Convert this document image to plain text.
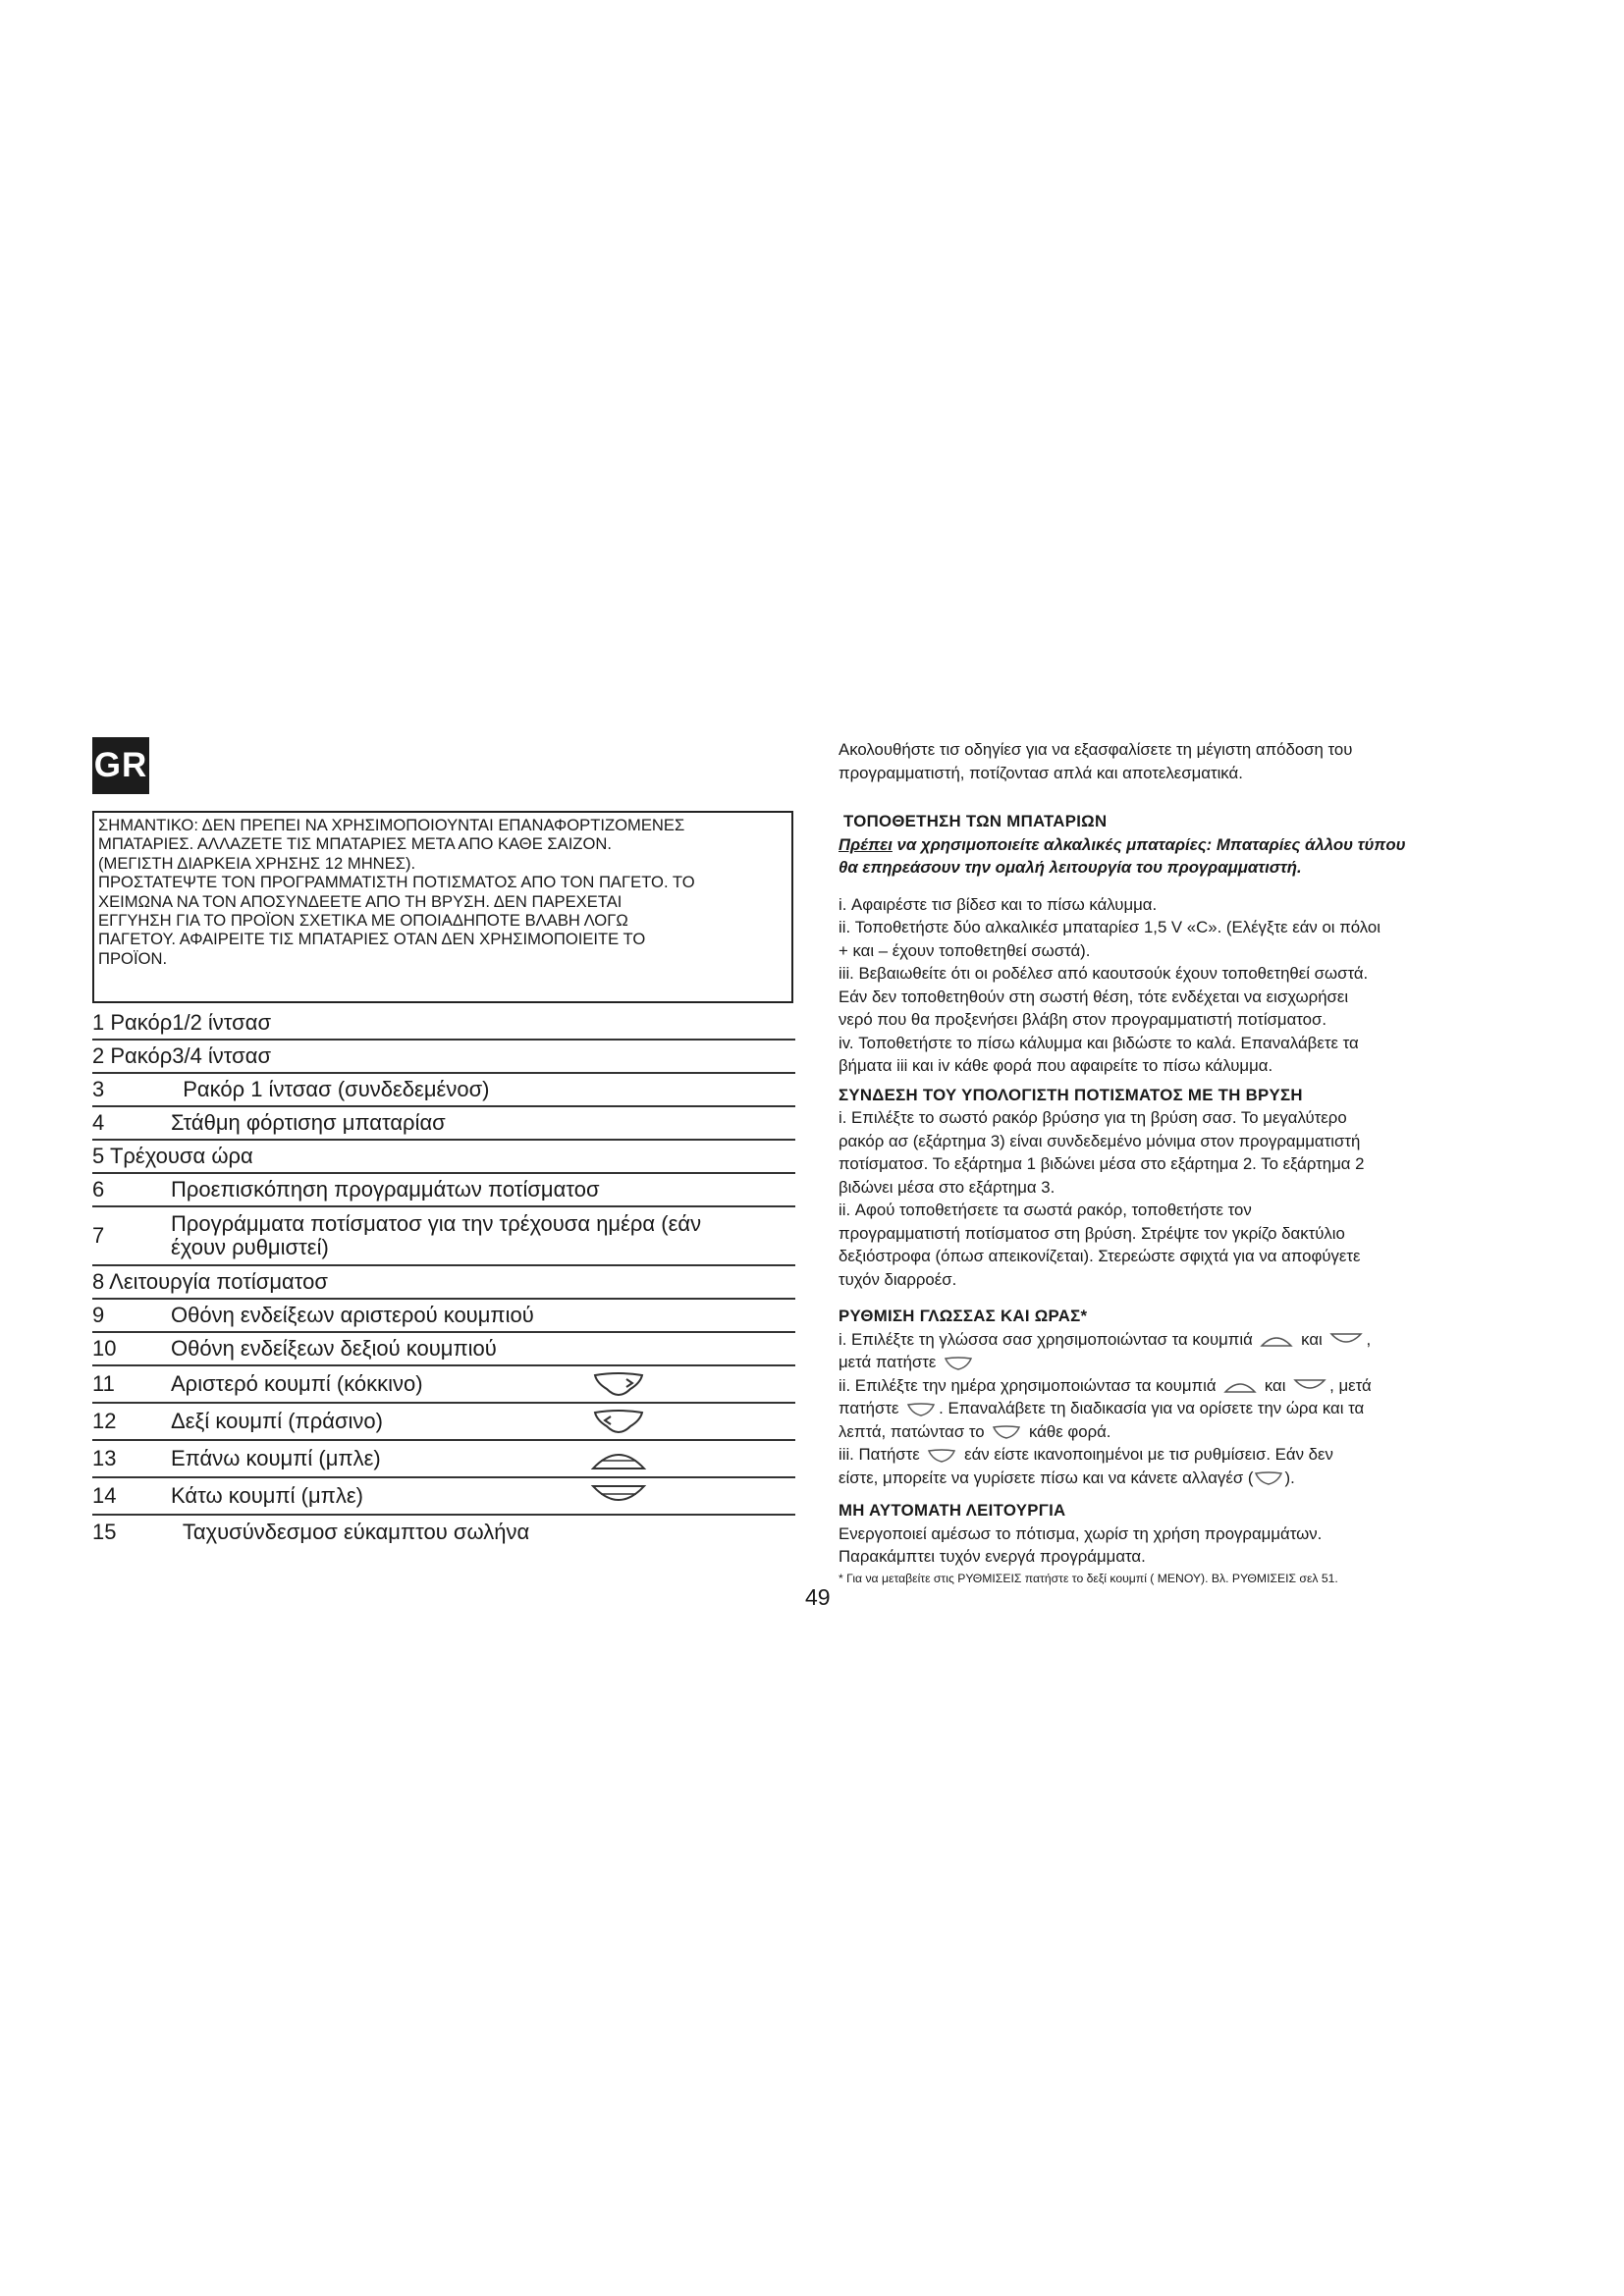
GR

ΣΗΜΑΝΤΙΚΟ: ΔΕΝ ΠΡΕΠΕΙ ΝΑ ΧΡΗΣΙΜΟΠΟΙΟΥΝΤΑΙ ΕΠΑΝΑΦΟΡΤΙΖΟΜΕΝΕΣ

ΜΠΑΤΑΡΙΕΣ. ΑΛΛΑΖΕΤΕ ΤΙΣ ΜΠΑΤΑΡΙΕΣ ΜΕΤΑ ΑΠΟ ΚΑΘΕ ΣΑΙΖΟΝ.

(ΜΕΓΙΣΤΗ ΔΙΑΡΚΕΙΑ ΧΡΗΣΗΣ 12 ΜΗΝΕΣ).

ΠΡΟΣΤΑΤΕΨΤΕ ΤΟΝ ΠΡΟΓΡΑΜΜΑΤΙΣΤΗ ΠΟΤΙΣΜΑΤΟΣ ΑΠΟ ΤΟΝ ΠΑΓΕΤΟ. ΤΟ

ΧΕΙΜΩΝΑ ΝΑ ΤΟΝ ΑΠΟΣΥΝΔΕΕΤΕ ΑΠΟ ΤΗ ΒΡΥΣΗ. ΔΕΝ ΠΑΡΕΧΕΤΑΙ

ΕΓΓΥΗΣΗ ΓΙΑ ΤΟ ΠΡΟΪΟΝ ΣΧΕΤΙΚΑ ΜΕ ΟΠΟΙΑΔΗΠΟΤΕ ΒΛΑΒΗ ΛΟΓΩ

ΠΑΓΕΤΟΥ. ΑΦΑΙΡΕΙΤΕ ΤΙΣ ΜΠΑΤΑΡΙΕΣ ΟΤΑΝ ΔΕΝ ΧΡΗΣΙΜΟΠΟΙΕΙΤΕ ΤΟ

ΠΡΟΪΟΝ.

1 Ρακόρ1/2 ίντσασ
2 Ρακόρ3/4 ίντσασ
3	Ρακόρ 1 ίντσασ (συνδεδεμένοσ)
4	Στάθμη φόρτισησ μπαταρίασ
5 Τρέχουσα ώρα
6	Προεπισκόπηση προγραμμάτων ποτίσματοσ
7	Προγράμματα ποτίσματοσ για την τρέχουσα ημέρα (εάν
έχουν ρυθμιστεί)
8 Λειτουργία ποτίσματοσ
9	Οθόνη ενδείξεων αριστερού κουμπιού
10	Οθόνη ενδείξεων δεξιού κουμπιού
11	Αριστερό κουμπί (κόκκινο)
12	Δεξί κουμπί (πράσινο)
13	Επάνω κουμπί (μπλε)
14	Κάτω κουμπί (μπλε)
15	Ταχυσύνδεσμοσ εύκαμπτου σωλήνα
49

Ακολουθήστε τισ οδηγίεσ για να εξασφαλίσετε τη μέγιστη απόδοση του

προγραμματιστή, ποτίζοντασ απλά και αποτελεσματικά.

ΤΟΠΟΘΕΤΗΣΗ ΤΩΝ ΜΠΑΤΑΡΙΩΝ

Πρέπει να χρησιμοποιείτε αλκαλικές μπαταρίες: Μπαταρίες άλλου τύπου

θα επηρεάσουν την ομαλή λειτουργία του προγραμματιστή.

i. Αφαιρέστε τισ βίδεσ και το πίσω κάλυμμα.

ii. Τοποθετήστε δύο αλκαλικέσ μπαταρίεσ 1,5 V «C». (Ελέγξτε εάν οι πόλοι

+ και – έχουν τοποθετηθεί σωστά).

iii. Βεβαιωθείτε ότι οι ροδέλεσ από καουτσούκ έχουν τοποθετηθεί σωστά.

Εάν δεν τοποθετηθούν στη σωστή θέση, τότε ενδέχεται να εισχωρήσει

νερό που θα προξενήσει βλάβη στον προγραμματιστή ποτίσματοσ.

iv. Τοποθετήστε το πίσω κάλυμμα και βιδώστε το καλά. Επαναλάβετε τα

βήματα iii και iv κάθε φορά που αφαιρείτε το πίσω κάλυμμα.

ΣΥΝΔΕΣΗ ΤΟΥ ΥΠΟΛΟΓΙΣΤΗ ΠΟΤΙΣΜΑΤΟΣ ΜΕ ΤΗ ΒΡΥΣΗ

i. Επιλέξτε το σωστό ρακόρ βρύσησ για τη βρύση σασ. Το μεγαλύτερο

ρακόρ ασ (εξάρτημα 3) είναι συνδεδεμένο μόνιμα στον προγραμματιστή

ποτίσματοσ. Το εξάρτημα 1 βιδώνει μέσα στο εξάρτημα 2. Το εξάρτημα 2

βιδώνει μέσα στο εξάρτημα 3.

ii. Αφού τοποθετήσετε τα σωστά ρακόρ, τοποθετήστε τον

προγραμματιστή ποτίσματοσ στη βρύση. Στρέψτε τον γκρίζο δακτύλιο

δεξιόστροφα (όπωσ απεικονίζεται). Στερεώστε σφιχτά για να αποφύγετε

τυχόν διαρροέσ.

ΡΥΘΜΙΣΗ ΓΛΩΣΣΑΣ ΚΑΙ ΩΡΑΣ*

i. Επιλέξτε τη γλώσσα σασ χρησιμοποιώντασ τα κουμπιά	και	,

μετά πατήστε

ii. Επιλέξτε την ημέρα χρησιμοποιώντασ τα κουμπιά	και	, μετά

πατήστε . Επαναλάβετε τη διαδικασία για να ορίσετε την ώρα και τα

λεπτά, πατώντασ το	κάθε φορά.

iii. Πατήστε	εάν είστε ικανοποιημένοι με τισ ρυθμίσεισ. Εάν δεν

είστε, μπορείτε να γυρίσετε πίσω και να κάνετε αλλαγέσ ( ).

ΜΗ ΑΥΤΟΜΑΤΗ ΛΕΙΤΟΥΡΓΙΑ

Ενεργοποιεί αμέσωσ το πότισμα, χωρίσ τη χρήση προγραμμάτων.

Παρακάμπτει τυχόν ενεργά προγράμματα.

* Για να μεταβείτε στις ΡΥΘΜΙΣΕΙΣ πατήστε το δεξί κουμπί ( ΜΕΝΟΥ). Βλ. ΡΥΘΜΙΣΕΙΣ σελ 51.
